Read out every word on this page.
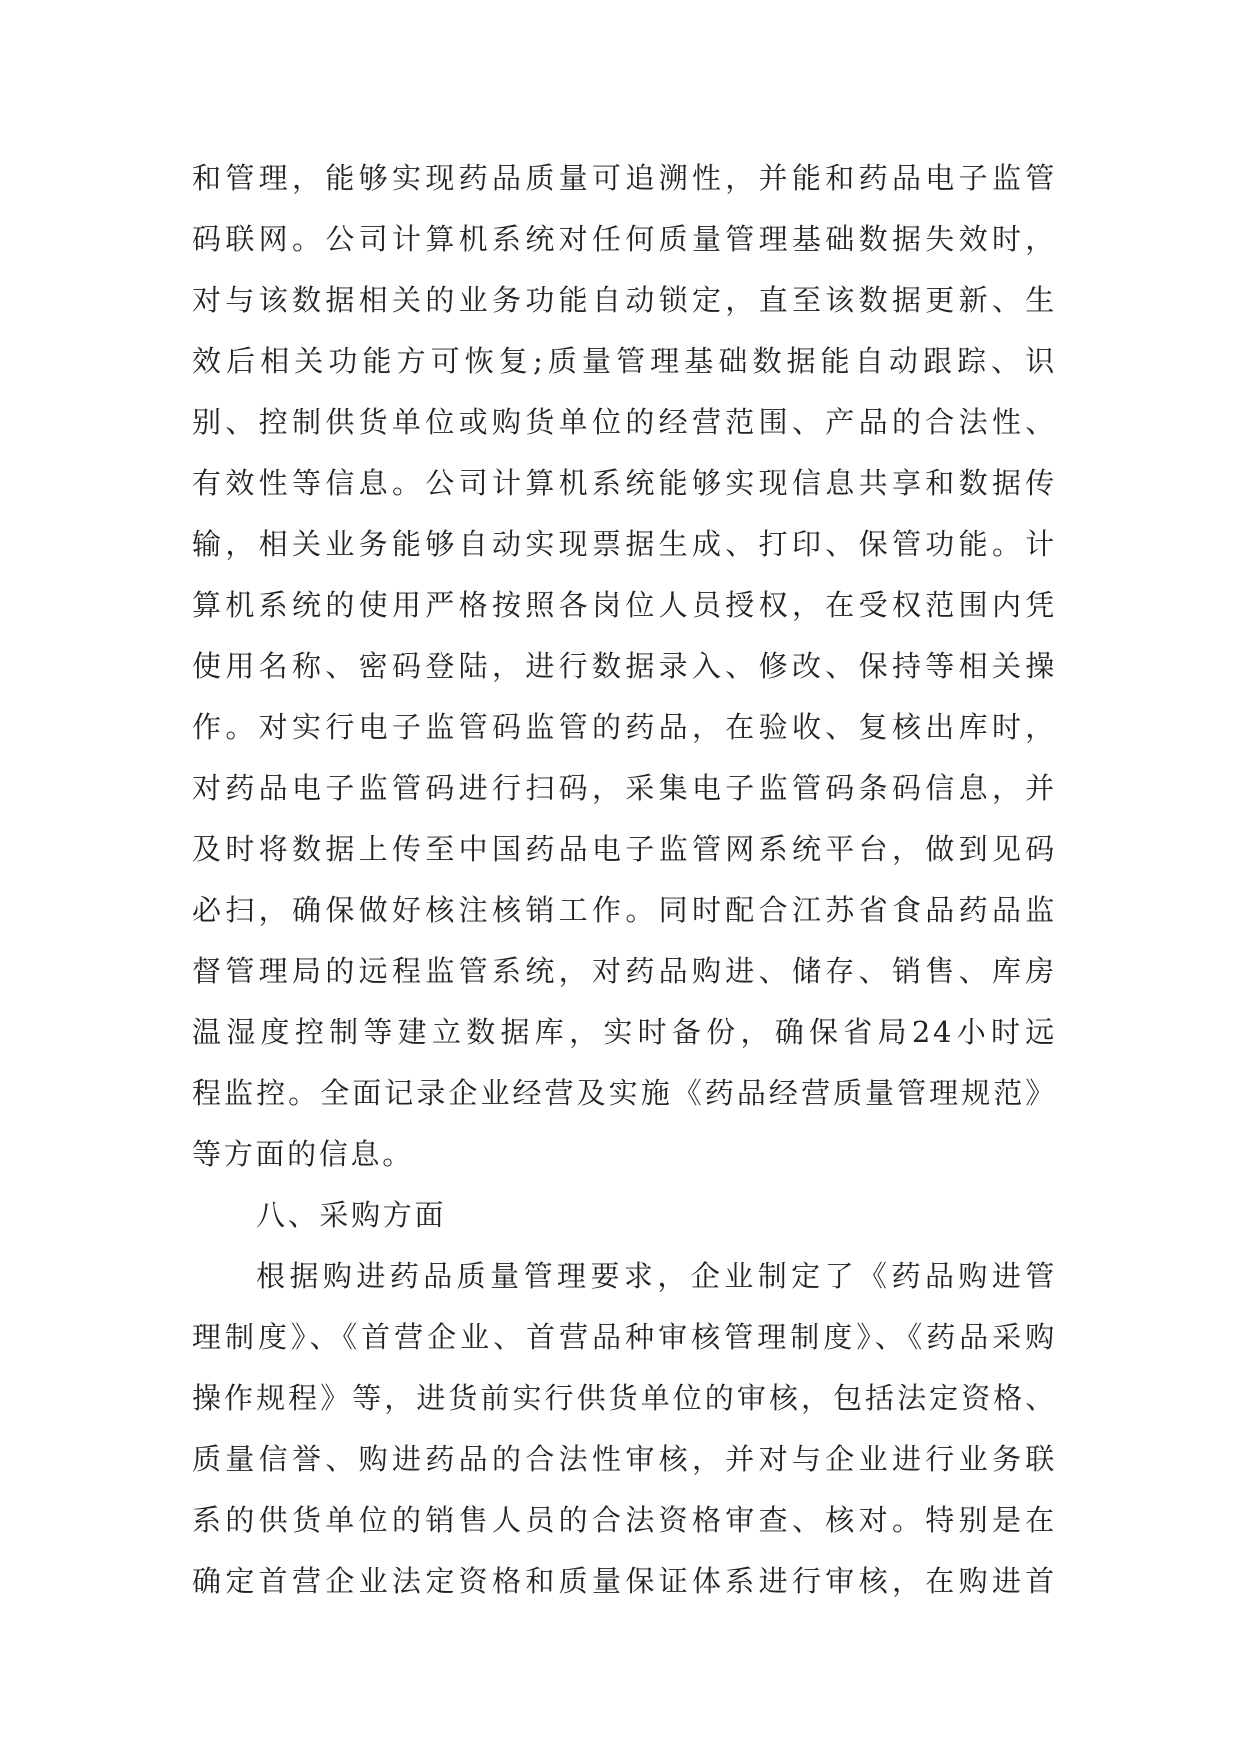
和管理，能够实现药品质量可追溯性，并能和药品电子监管
码联网。公司计算机系统对任何质量管理基础数据失效时，
对与该数据相关的业务功能自动锁定，直至该数据更新、生
效后相关功能方可恢复;质量管理基础数据能自动跟踪、识
别、控制供货单位或购货单位的经营范围、产品的合法性、
有效性等信息。公司计算机系统能够实现信息共享和数据传
输，相关业务能够自动实现票据生成、打印、保管功能。计
算机系统的使用严格按照各岗位人员授权，在受权范围内凭
使用名称、密码登陆，进行数据录入、修改、保持等相关操
作。对实行电子监管码监管的药品，在验收、复核出库时，
对药品电子监管码进行扫码，采集电子监管码条码信息，并
及时将数据上传至中国药品电子监管网系统平台，做到见码
必扫，确保做好核注核销工作。同时配合江苏省食品药品监
督管理局的远程监管系统，对药品购进、储存、销售、库房
温湿度控制等建立数据库，实时备份，确保省局24小时远
程监控。全面记录企业经营及实施《药品经营质量管理规范》
等方面的信息。
八、采购方面
根据购进药品质量管理要求，企业制定了《药品购进管
理制度》、《首营企业、首营品种审核管理制度》、《药品采购
操作规程》等，进货前实行供货单位的审核，包括法定资格、
质量信誉、购进药品的合法性审核，并对与企业进行业务联
系的供货单位的销售人员的合法资格审查、核对。特别是在
确定首营企业法定资格和质量保证体系进行审核，在购进首
